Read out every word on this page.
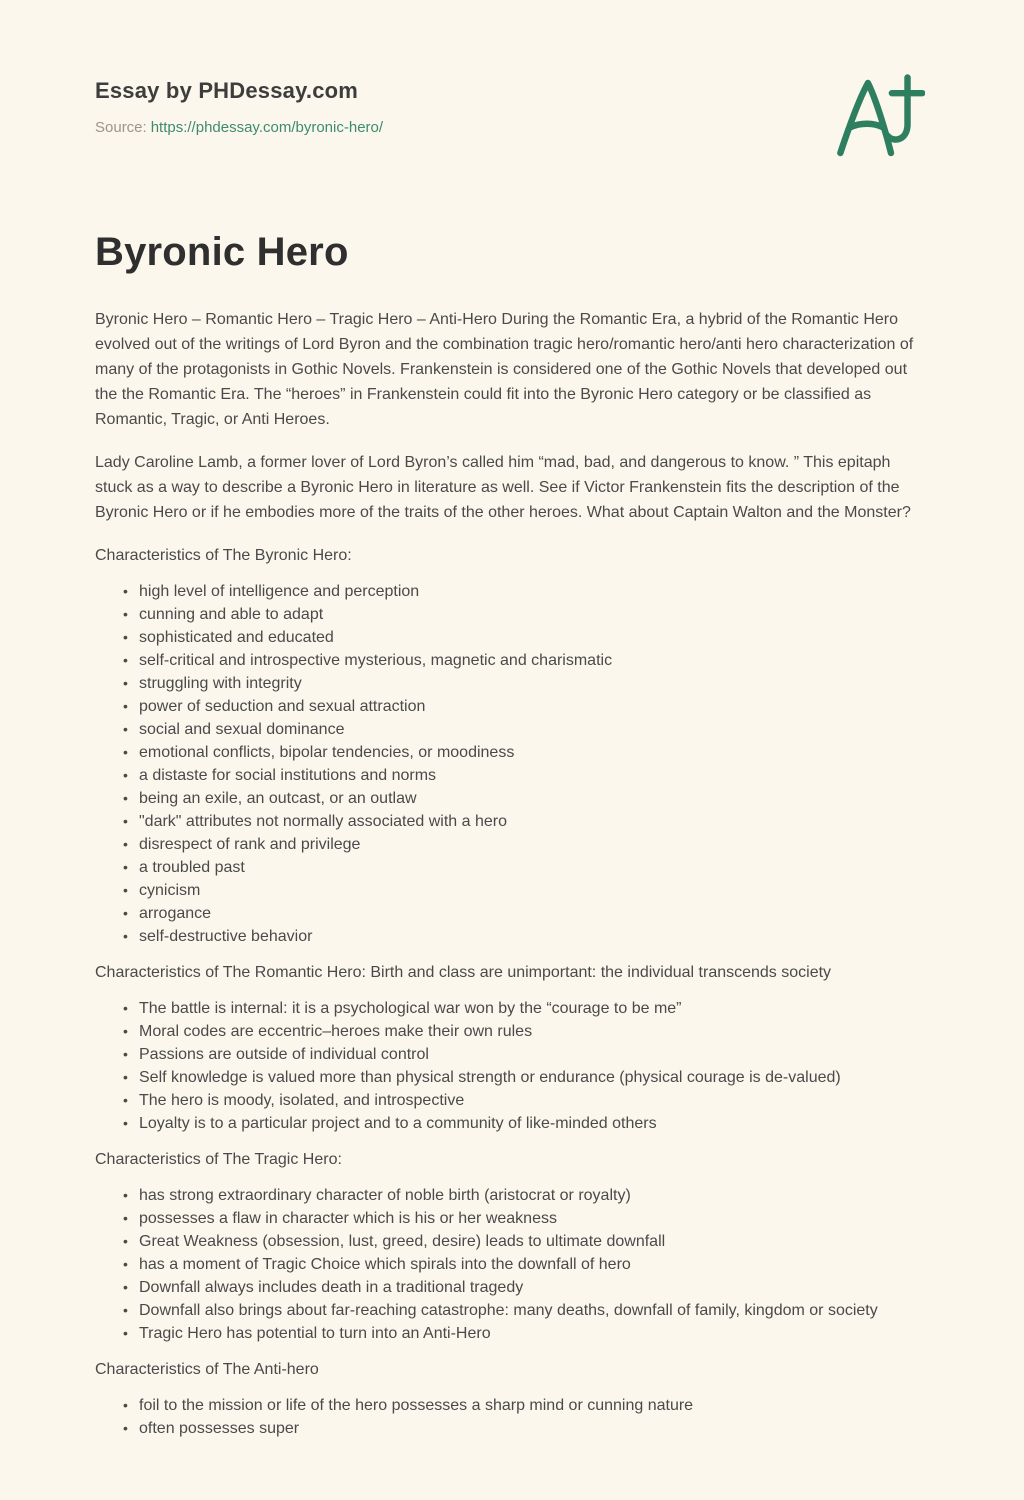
Essay by PHDessay.com
Source: https://phdessay.com/byronic-hero/
Byronic Hero

Byronic Hero – Romantic Hero – Tragic Hero – Anti-Hero During the Romantic Era, a hybrid of the Romantic Hero evolved out of the writings of Lord Byron and the combination tragic hero/romantic hero/anti hero characterization of many of the protagonists in Gothic Novels. Frankenstein is considered one of the Gothic Novels that developed out the the Romantic Era. The “heroes” in Frankenstein could fit into the Byronic Hero category or be classified as Romantic, Tragic, or Anti Heroes.

Lady Caroline Lamb, a former lover of Lord Byron’s called him “mad, bad, and dangerous to know. ” This epitaph stuck as a way to describe a Byronic Hero in literature as well. See if Victor Frankenstein fits the description of the Byronic Hero or if he embodies more of the traits of the other heroes. What about Captain Walton and the Monster?

Characteristics of The Byronic Hero:

• high level of intelligence and perception
• cunning and able to adapt
• sophisticated and educated
• self-critical and introspective mysterious, magnetic and charismatic
• struggling with integrity
• power of seduction and sexual attraction
• social and sexual dominance
• emotional conflicts, bipolar tendencies, or moodiness
• a distaste for social institutions and norms
• being an exile, an outcast, or an outlaw
• "dark" attributes not normally associated with a hero
• disrespect of rank and privilege
• a troubled past
• cynicism
• arrogance
• self-destructive behavior

Characteristics of The Romantic Hero: Birth and class are unimportant: the individual transcends society

• The battle is internal: it is a psychological war won by the “courage to be me”
• Moral codes are eccentric–heroes make their own rules
• Passions are outside of individual control
• Self knowledge is valued more than physical strength or endurance (physical courage is de-valued)
• The hero is moody, isolated, and introspective
• Loyalty is to a particular project and to a community of like-minded others

Characteristics of The Tragic Hero:

• has strong extraordinary character of noble birth (aristocrat or royalty)
• possesses a flaw in character which is his or her weakness
• Great Weakness (obsession, lust, greed, desire) leads to ultimate downfall
• has a moment of Tragic Choice which spirals into the downfall of hero
• Downfall always includes death in a traditional tragedy
• Downfall also brings about far-reaching catastrophe: many deaths, downfall of family, kingdom or society
• Tragic Hero has potential to turn into an Anti-Hero

Characteristics of The Anti-hero

• foil to the mission or life of the hero possesses a sharp mind or cunning nature
• often possesses super
